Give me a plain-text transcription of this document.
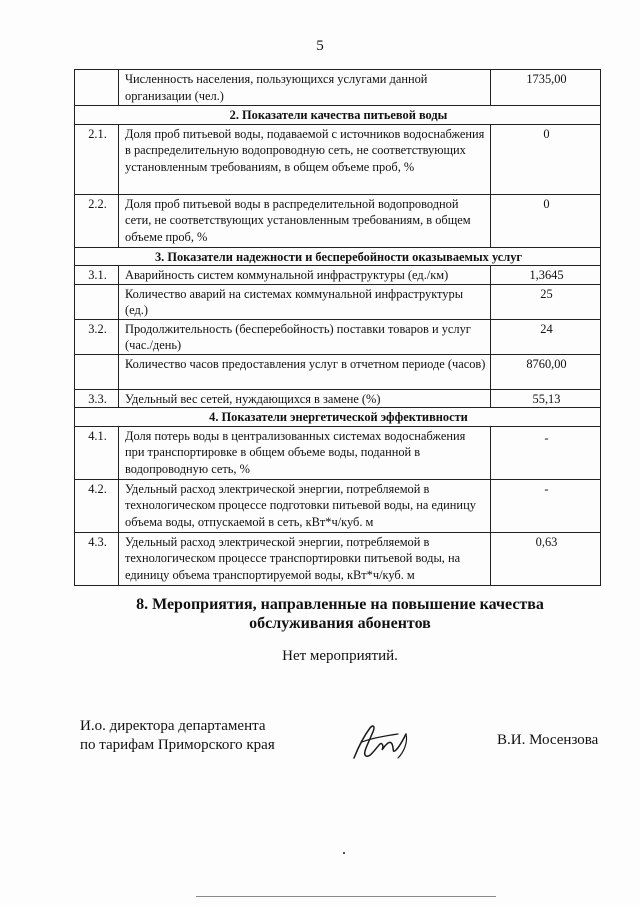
5
	Численность населения, пользующихся услугами данной организации (чел.)	1735,00
2. Показатели качества питьевой воды		
2.1.	Доля проб питьевой воды, подаваемой с источников водоснабжения в распределительную водопроводную сеть, не соответствующих установленным требованиям, в общем объеме проб, %	0
2.2.	Доля проб питьевой воды в распределительной водопроводной сети, не соответствующих установленным требованиям, в общем объеме проб, %	0
3. Показатели надежности и бесперебойности оказываемых услуг		
3.1.	Аварийность систем коммунальной инфраструктуры (ед./км)	1,3645
	Количество аварий на системах коммунальной инфраструктуры (ед.)	25
3.2.	Продолжительность (бесперебойность) поставки товаров и услуг (час./день)	24
	Количество часов предоставления услуг в отчетном периоде (часов)	8760,00
3.3.	Удельный вес сетей, нуждающихся в замене (%)	55,13
4. Показатели энергетической эффективности		
4.1.	Доля потерь воды в централизованных системах водоснабжения при транспортировке в общем объеме воды, поданной в водопроводную сеть, %	-
4.2.	Удельный расход электрической энергии, потребляемой в технологическом процессе подготовки питьевой воды, на единицу объема воды, отпускаемой в сеть, кВт*ч/куб. м	-
4.3.	Удельный расход электрической энергии, потребляемой в технологическом процессе транспортировки питьевой воды, на единицу объема транспортируемой воды, кВт*ч/куб. м	0,63
8. Мероприятия, направленные на повышение качества
обслуживания абонентов
Нет мероприятий.
И.о. директора департамента
по тарифам Приморского края	В.И. Мосензова
